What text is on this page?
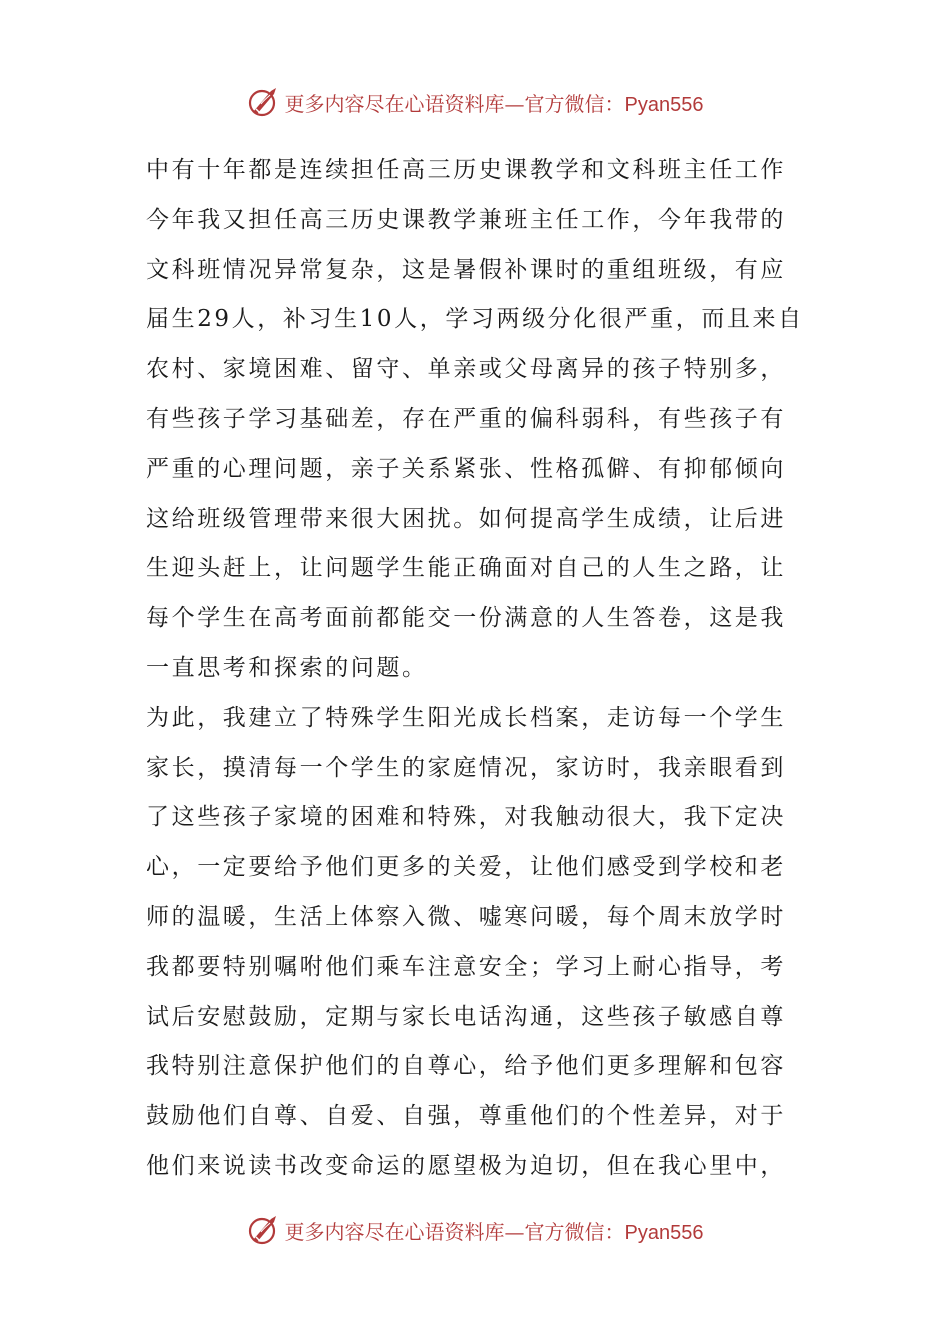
更多内容尽在心语资料库—官方微信：Pyan556
中有十年都是连续担任高三历史课教学和文科班主任工作
今年我又担任高三历史课教学兼班主任工作，今年我带的
文科班情况异常复杂，这是暑假补课时的重组班级，有应
届生29人，补习生10人，学习两级分化很严重，而且来自
农村、家境困难、留守、单亲或父母离异的孩子特别多，
有些孩子学习基础差，存在严重的偏科弱科，有些孩子有
严重的心理问题，亲子关系紧张、性格孤僻、有抑郁倾向
这给班级管理带来很大困扰。如何提高学生成绩，让后进
生迎头赶上，让问题学生能正确面对自己的人生之路，让
每个学生在高考面前都能交一份满意的人生答卷，这是我
一直思考和探索的问题。
为此，我建立了特殊学生阳光成长档案，走访每一个学生
家长，摸清每一个学生的家庭情况，家访时，我亲眼看到
了这些孩子家境的困难和特殊，对我触动很大，我下定决
心，一定要给予他们更多的关爱，让他们感受到学校和老
师的温暖，生活上体察入微、嘘寒问暖，每个周末放学时
我都要特别嘱咐他们乘车注意安全；学习上耐心指导，考
试后安慰鼓励，定期与家长电话沟通，这些孩子敏感自尊
我特别注意保护他们的自尊心，给予他们更多理解和包容
鼓励他们自尊、自爱、自强，尊重他们的个性差异，对于
他们来说读书改变命运的愿望极为迫切，但在我心里中，
更多内容尽在心语资料库—官方微信：Pyan556
